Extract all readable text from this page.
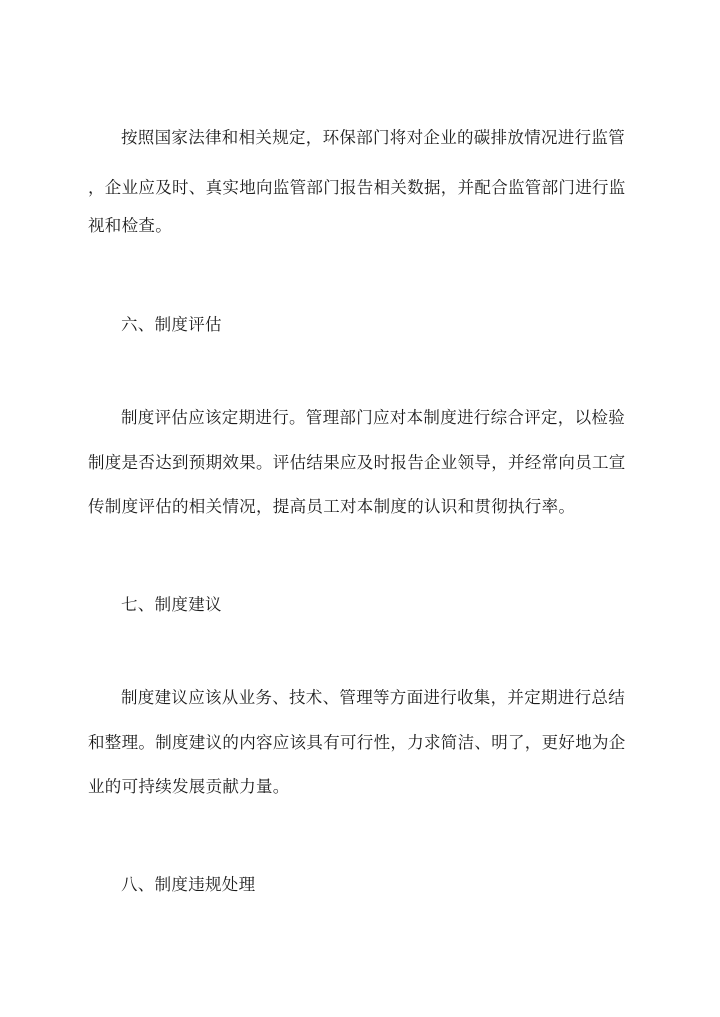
按照国家法律和相关规定，环保部门将对企业的碳排放情况进行监管
，企业应及时、真实地向监管部门报告相关数据，并配合监管部门进行监
视和检查。
六、制度评估
制度评估应该定期进行。管理部门应对本制度进行综合评定，以检验
制度是否达到预期效果。评估结果应及时报告企业领导，并经常向员工宣
传制度评估的相关情况，提高员工对本制度的认识和贯彻执行率。
七、制度建议
制度建议应该从业务、技术、管理等方面进行收集，并定期进行总结
和整理。制度建议的内容应该具有可行性，力求简洁、明了，更好地为企
业的可持续发展贡献力量。
八、制度违规处理
